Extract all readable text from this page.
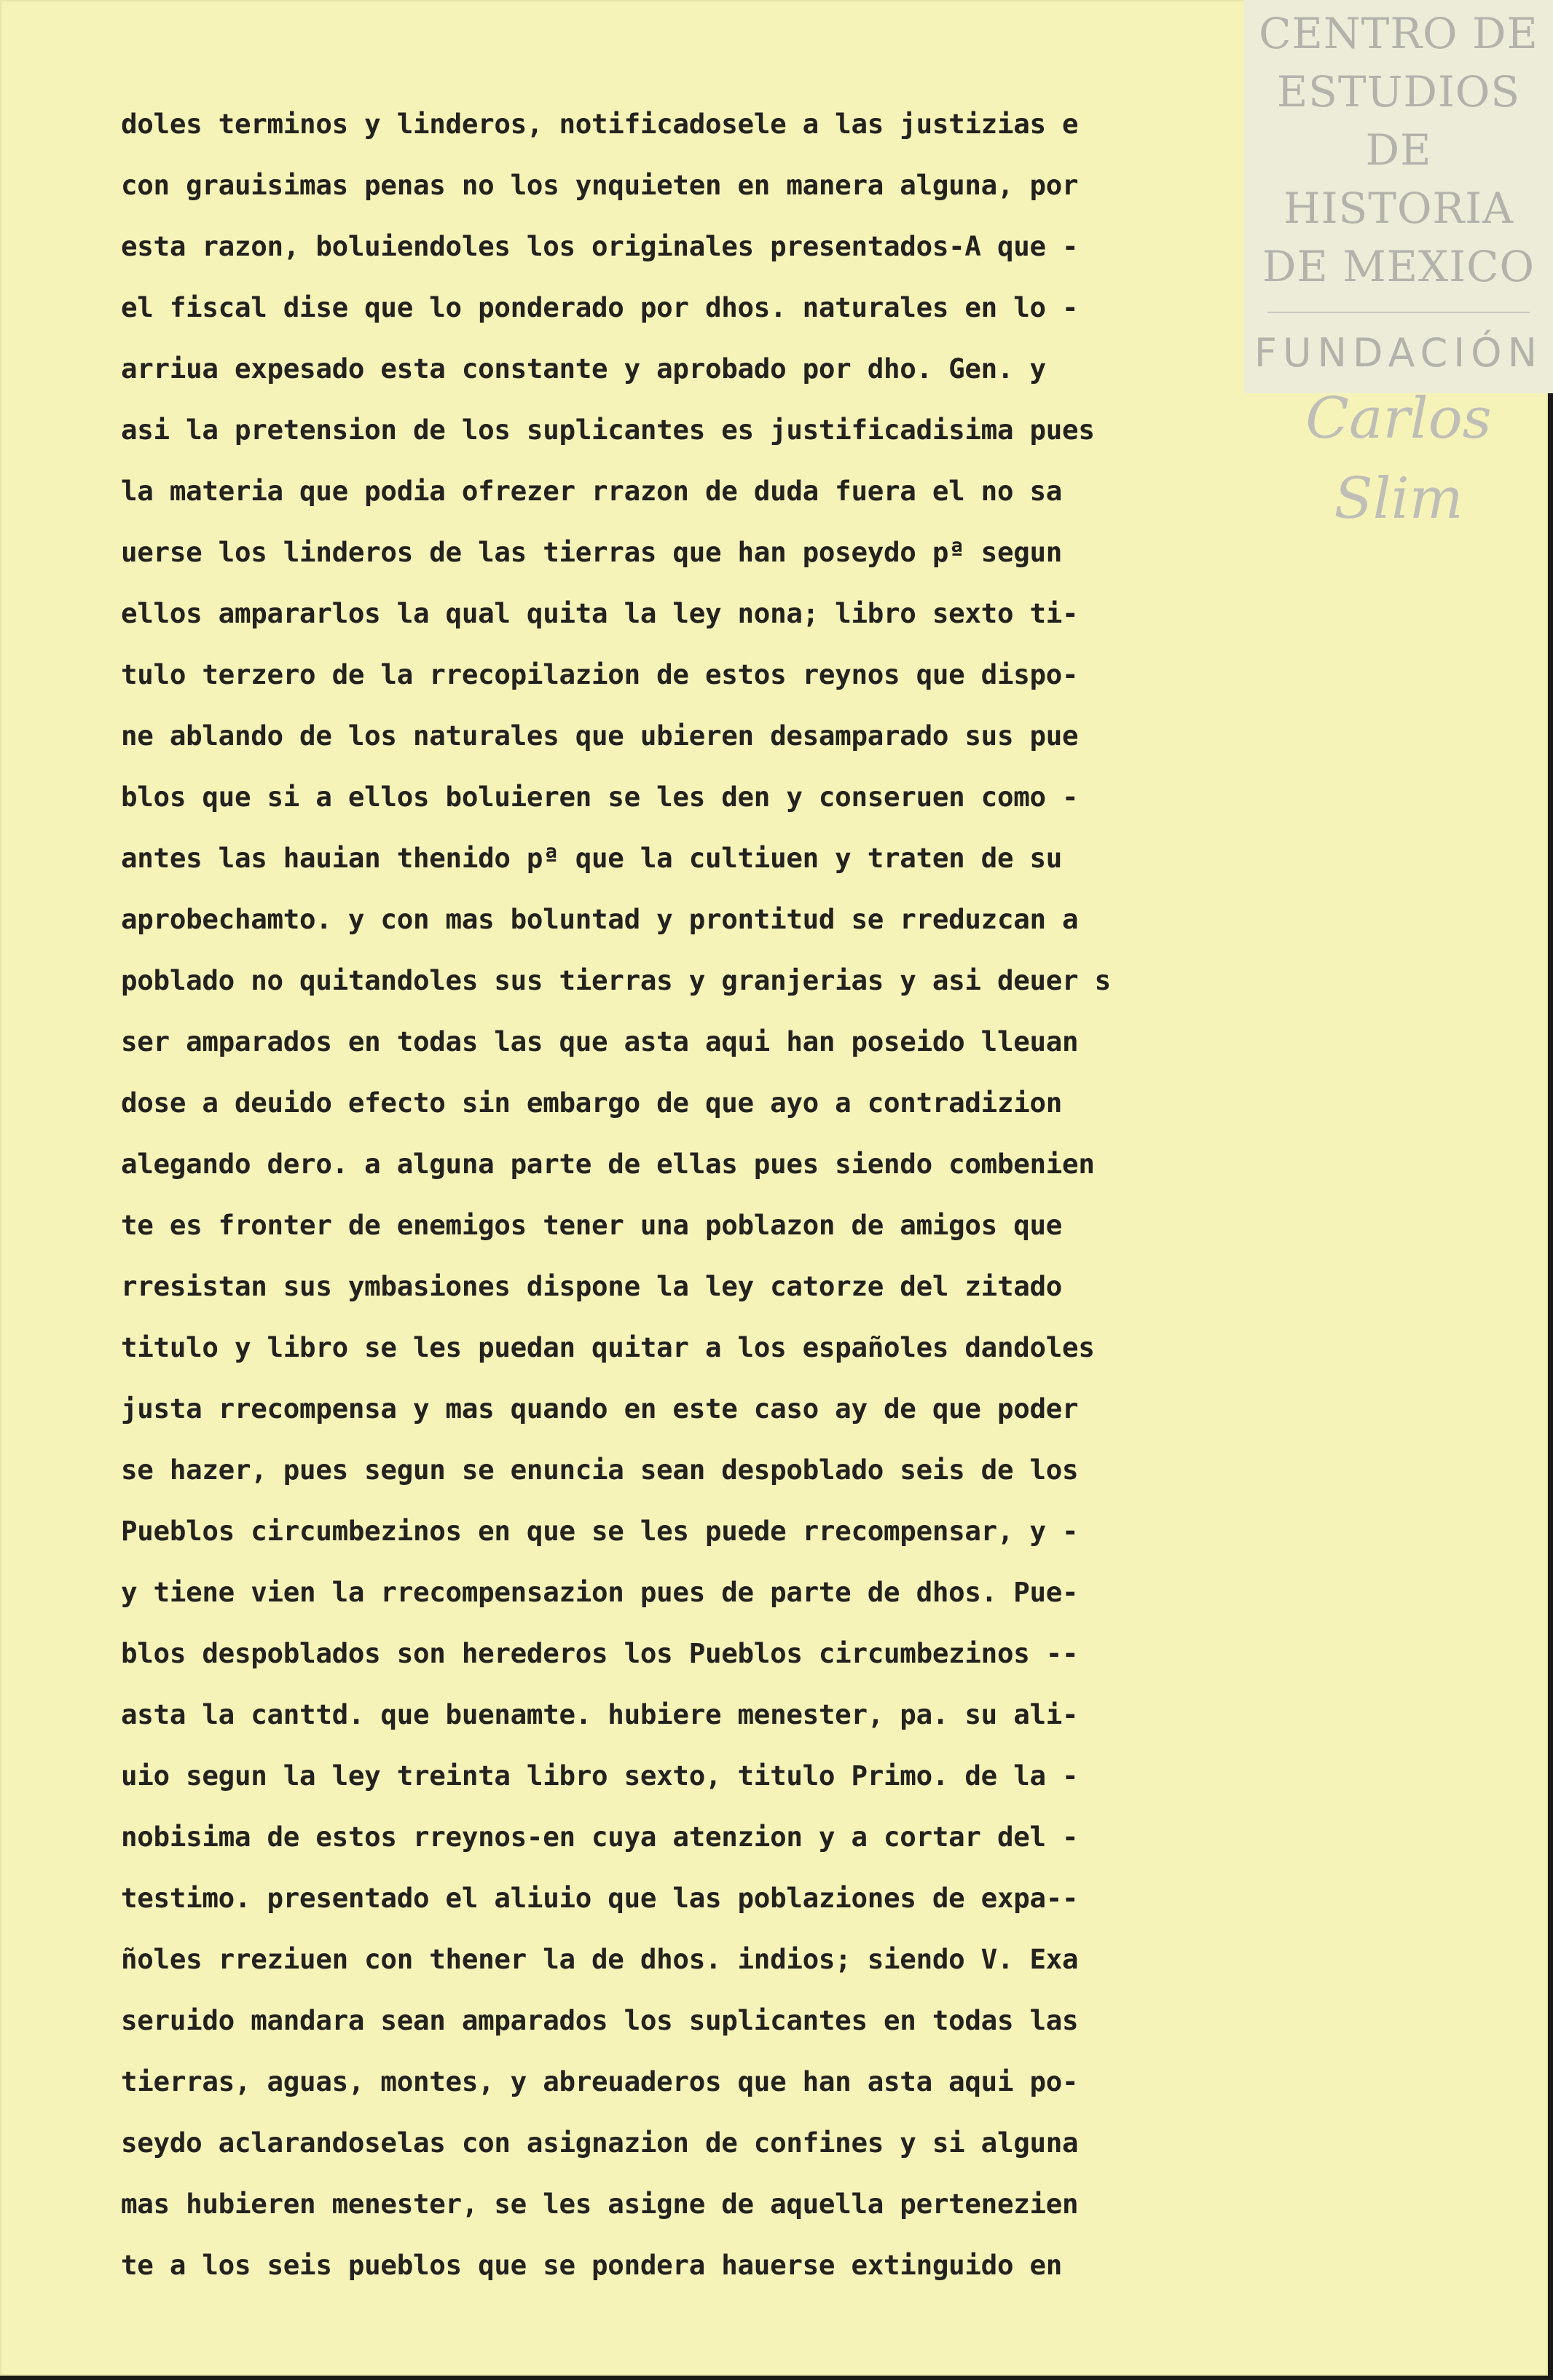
CENTRO DE
ESTUDIOS
DE HISTORIA
DE MEXICO
FUNDACIÓN
Carlos Slim
doles terminos y linderos, notificadosele a las justizias e
con grauisimas penas no los ynquieten en manera alguna, por
esta razon, boluiendoles los originales presentados-A que -
el fiscal dise que lo ponderado por dhos. naturales en lo -
arriua expesado esta constante y aprobado por dho. Gen. y
asi la pretension de los suplicantes es justificadisima pues
la materia que podia ofrezer rrazon de duda fuera el no sa
uerse los linderos de las tierras que han poseydo pª segun
ellos ampararlos la qual quita la ley nona; libro sexto ti-
tulo terzero de la rrecopilazion de estos reynos que dispo-
ne ablando de los naturales que ubieren desamparado sus pue
blos que si a ellos boluieren se les den y conseruen como -
antes las hauian thenido pª que la cultiuen y traten de su
aprobechamto. y con mas boluntad y prontitud se rreduzcan a
poblado no quitandoles sus tierras y granjerias y asi deuer s
ser amparados en todas las que asta aqui han poseido lleuan
dose a deuido efecto sin embargo de que ayo a contradizion
alegando dero. a alguna parte de ellas pues siendo combenien
te es fronter de enemigos tener una poblazon de amigos que
rresistan sus ymbasiones dispone la ley catorze del zitado
titulo y libro se les puedan quitar a los españoles dandoles
justa rrecompensa y mas quando en este caso ay de que poder
se hazer, pues segun se enuncia sean despoblado seis de los
Pueblos circumbezinos en que se les puede rrecompensar, y -
y tiene vien la rrecompensazion pues de parte de dhos. Pue-
blos despoblados son herederos los Pueblos circumbezinos --
asta la canttd. que buenamte. hubiere menester, pa. su ali-
uio segun la ley treinta libro sexto, titulo Primo. de la -
nobisima de estos rreynos-en cuya atenzion y a cortar del -
testimo. presentado el aliuio que las poblaziones de expa--
ñoles rreziuen con thener la de dhos. indios; siendo V. Exa
seruido mandara sean amparados los suplicantes en todas las
tierras, aguas, montes, y abreuaderos que han asta aqui po-
seydo aclarandoselas con asignazion de confines y si alguna
mas hubieren menester, se les asigne de aquella pertenezien
te a los seis pueblos que se pondera hauerse extinguido en
